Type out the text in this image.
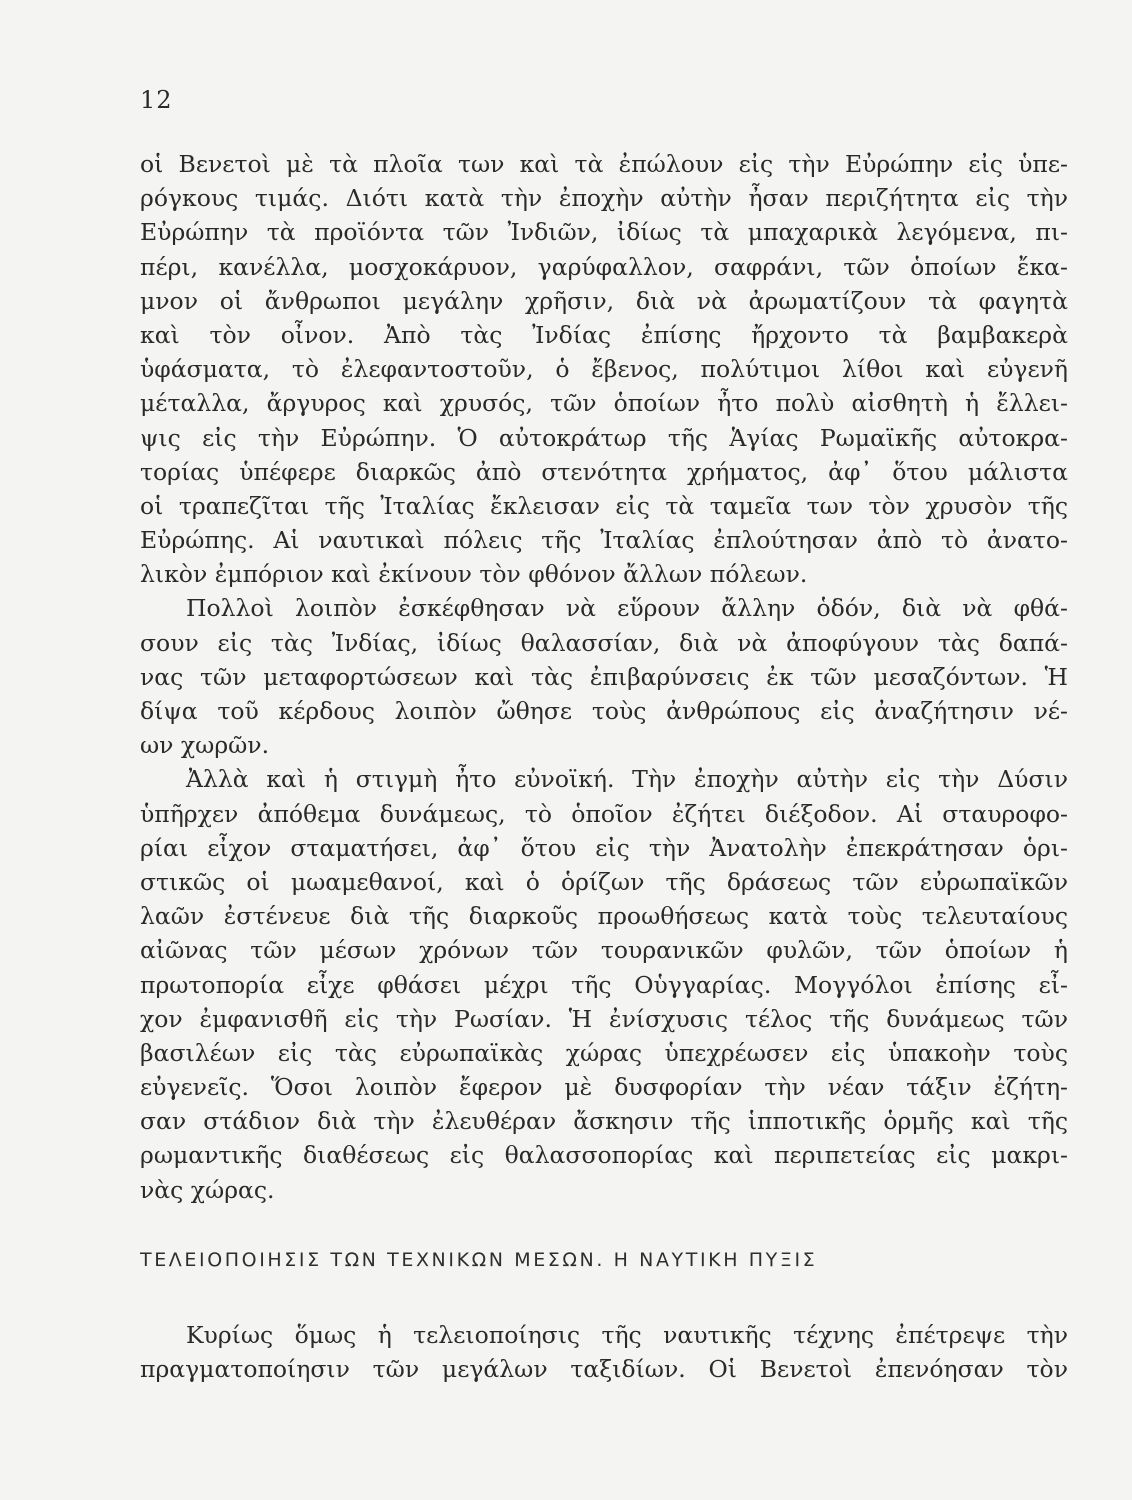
12

οἱ Βενετοὶ μὲ τὰ πλοῖα των καὶ τὰ ἐπώλουν εἰς τὴν Εὐρώπην εἰς ὑπε-
ρόγκους τιμάς. Διότι κατὰ τὴν ἐποχὴν αὐτὴν ἦσαν περιζήτητα εἰς τὴν
Εὐρώπην τὰ προϊόντα τῶν Ἰνδιῶν, ἰδίως τὰ μπαχαρικὰ λεγόμενα, πι-
πέρι, κανέλλα, μοσχοκάρυον, γαρύφαλλον, σαφράνι, τῶν ὁποίων ἔκα-
μνον οἱ ἄνθρωποι μεγάλην χρῆσιν, διὰ νὰ ἀρωματίζουν τὰ φαγητὰ
καὶ τὸν οἶνον. Ἀπὸ τὰς Ἰνδίας ἐπίσης ἤρχοντο τὰ βαμβακερὰ
ὑφάσματα, τὸ ἐλεφαντοστοῦν, ὁ ἔβενος, πολύτιμοι λίθοι καὶ εὐγενῆ
μέταλλα, ἄργυρος καὶ χρυσός, τῶν ὁποίων ἦτο πολὺ αἰσθητὴ ἡ ἔλλει-
ψις εἰς τὴν Εὐρώπην. Ὁ αὐτοκράτωρ τῆς Ἁγίας Ρωμαϊκῆς αὐτοκρα-
τορίας ὑπέφερε διαρκῶς ἀπὸ στενότητα χρήματος, ἀφ᾽ ὅτου μάλιστα
οἱ τραπεζῖται τῆς Ἰταλίας ἔκλεισαν εἰς τὰ ταμεῖα των τὸν χρυσὸν τῆς
Εὐρώπης. Αἱ ναυτικαὶ πόλεις τῆς Ἰταλίας ἐπλούτησαν ἀπὸ τὸ ἀνατο-
λικὸν ἐμπόριον καὶ ἐκίνουν τὸν φθόνον ἄλλων πόλεων.

Πολλοὶ λοιπὸν ἐσκέφθησαν νὰ εὕρουν ἄλλην ὁδόν, διὰ νὰ φθά-
σουν εἰς τὰς Ἰνδίας, ἰδίως θαλασσίαν, διὰ νὰ ἀποφύγουν τὰς δαπά-
νας τῶν μεταφορτώσεων καὶ τὰς ἐπιβαρύνσεις ἐκ τῶν μεσαζόντων. Ἡ
δίψα τοῦ κέρδους λοιπὸν ὤθησε τοὺς ἀνθρώπους εἰς ἀναζήτησιν νέ-
ων χωρῶν.

Ἀλλὰ καὶ ἡ στιγμὴ ἦτο εὐνοϊκή. Τὴν ἐποχὴν αὐτὴν εἰς τὴν Δύσιν
ὑπῆρχεν ἀπόθεμα δυνάμεως, τὸ ὁποῖον ἐζήτει διέξοδον. Αἱ σταυροφο-
ρίαι εἶχον σταματήσει, ἀφ᾽ ὅτου εἰς τὴν Ἀνατολὴν ἐπεκράτησαν ὁρι-
στικῶς οἱ μωαμεθανοί, καὶ ὁ ὁρίζων τῆς δράσεως τῶν εὐρωπαϊκῶν
λαῶν ἐστένευε διὰ τῆς διαρκοῦς προωθήσεως κατὰ τοὺς τελευταίους
αἰῶνας τῶν μέσων χρόνων τῶν τουρανικῶν φυλῶν, τῶν ὁποίων ἡ
πρωτοπορία εἶχε φθάσει μέχρι τῆς Οὑγγαρίας. Μογγόλοι ἐπίσης εἶ-
χον ἐμφανισθῆ εἰς τὴν Ρωσίαν. Ἡ ἐνίσχυσις τέλος τῆς δυνάμεως τῶν
βασιλέων εἰς τὰς εὐρωπαϊκὰς χώρας ὑπεχρέωσεν εἰς ὑπακοὴν τοὺς
εὐγενεῖς. Ὅσοι λοιπὸν ἔφερον μὲ δυσφορίαν τὴν νέαν τάξιν ἐζήτη-
σαν στάδιον διὰ τὴν ἐλευθέραν ἄσκησιν τῆς ἱπποτικῆς ὁρμῆς καὶ τῆς
ρωμαντικῆς διαθέσεως εἰς θαλασσοπορίας καὶ περιπετείας εἰς μακρι-
νὰς χώρας.

ΤΕΛΕΙΟΠΟΙΗΣΙΣ ΤΩΝ ΤΕΧΝΙΚΩΝ ΜΕΣΩΝ. Η ΝΑΥΤΙΚΗ ΠΥΞΙΣ

Κυρίως ὅμως ἡ τελειοποίησις τῆς ναυτικῆς τέχνης ἐπέτρεψε τὴν
πραγματοποίησιν τῶν μεγάλων ταξιδίων. Οἱ Βενετοὶ ἐπενόησαν τὸν
